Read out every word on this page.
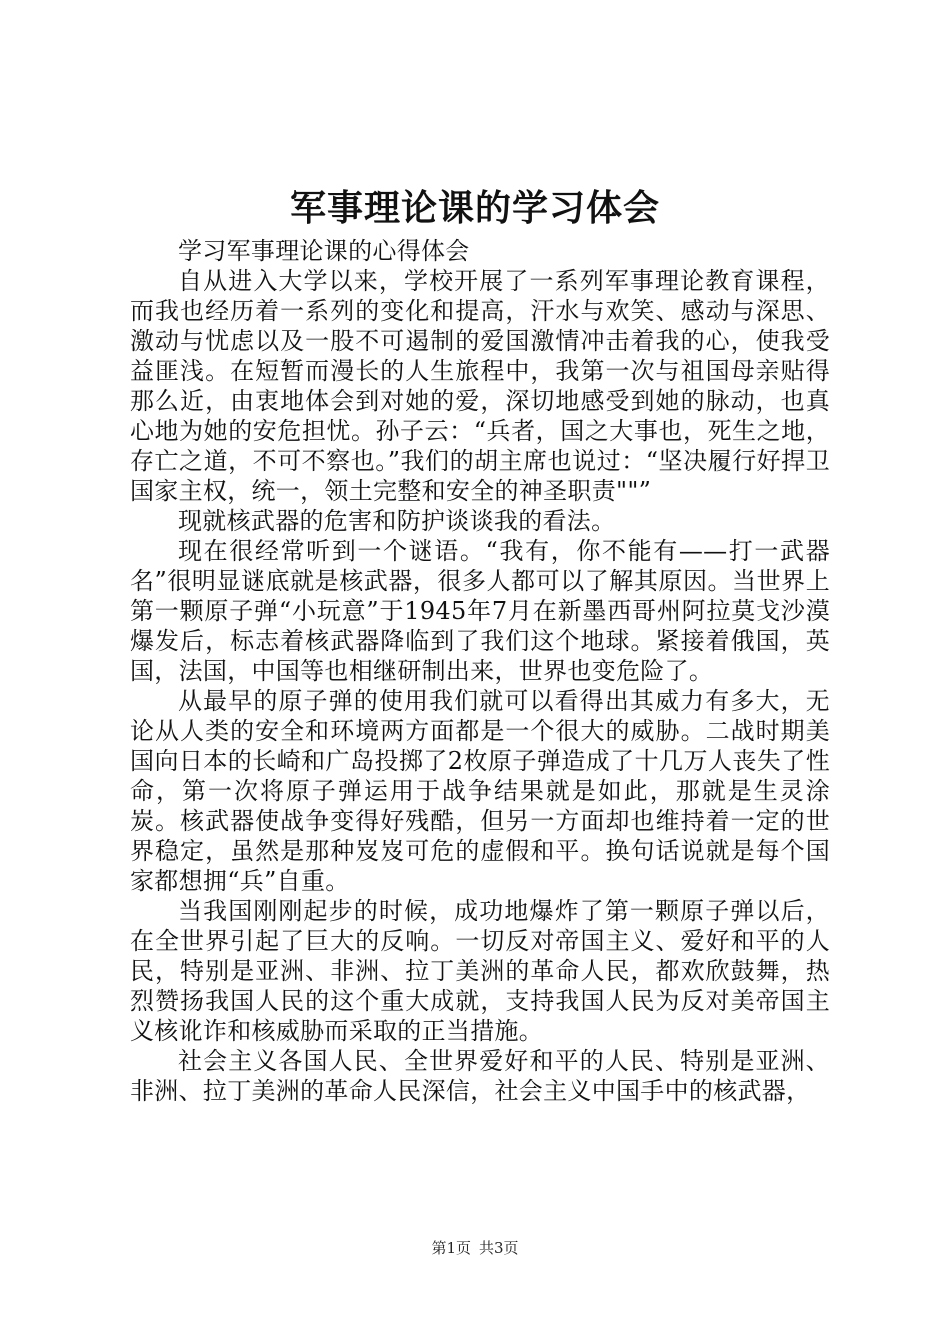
军事理论课的学习体会

学习军事理论课的心得体会

自从进入大学以来，学校开展了一系列军事理论教育课程，而我也经历着一系列的变化和提高，汗水与欢笑、感动与深思、激动与忧虑以及一股不可遏制的爱国激情冲击着我的心，使我受益匪浅。在短暂而漫长的人生旅程中，我第一次与祖国母亲贴得那么近，由衷地体会到对她的爱，深切地感受到她的脉动，也真心地为她的安危担忧。孙子云：“兵者，国之大事也，死生之地，存亡之道，不可不察也。”我们的胡主席也说过：“坚决履行好捍卫国家主权，统一，领土完整和安全的神圣职责""”

现就核武器的危害和防护谈谈我的看法。

现在很经常听到一个谜语。“我有，你不能有——打一武器名”很明显谜底就是核武器，很多人都可以了解其原因。当世界上第一颗原子弹“小玩意”于1945年7月在新墨西哥州阿拉莫戈沙漠爆发后，标志着核武器降临到了我们这个地球。紧接着俄国，英国，法国，中国等也相继研制出来，世界也变危险了。

从最早的原子弹的使用我们就可以看得出其威力有多大，无论从人类的安全和环境两方面都是一个很大的威胁。二战时期美国向日本的长崎和广岛投掷了2枚原子弹造成了十几万人丧失了性命，第一次将原子弹运用于战争结果就是如此，那就是生灵涂炭。核武器使战争变得好残酷，但另一方面却也维持着一定的世界稳定，虽然是那种岌岌可危的虚假和平。换句话说就是每个国家都想拥“兵”自重。

当我国刚刚起步的时候，成功地爆炸了第一颗原子弹以后，在全世界引起了巨大的反响。一切反对帝国主义、爱好和平的人民，特别是亚洲、非洲、拉丁美洲的革命人民，都欢欣鼓舞，热烈赞扬我国人民的这个重大成就，支持我国人民为反对美帝国主义核讹诈和核威胁而采取的正当措施。

社会主义各国人民、全世界爱好和平的人民、特别是亚洲、非洲、拉丁美洲的革命人民深信，社会主义中国手中的核武器，

第1页 共3页
